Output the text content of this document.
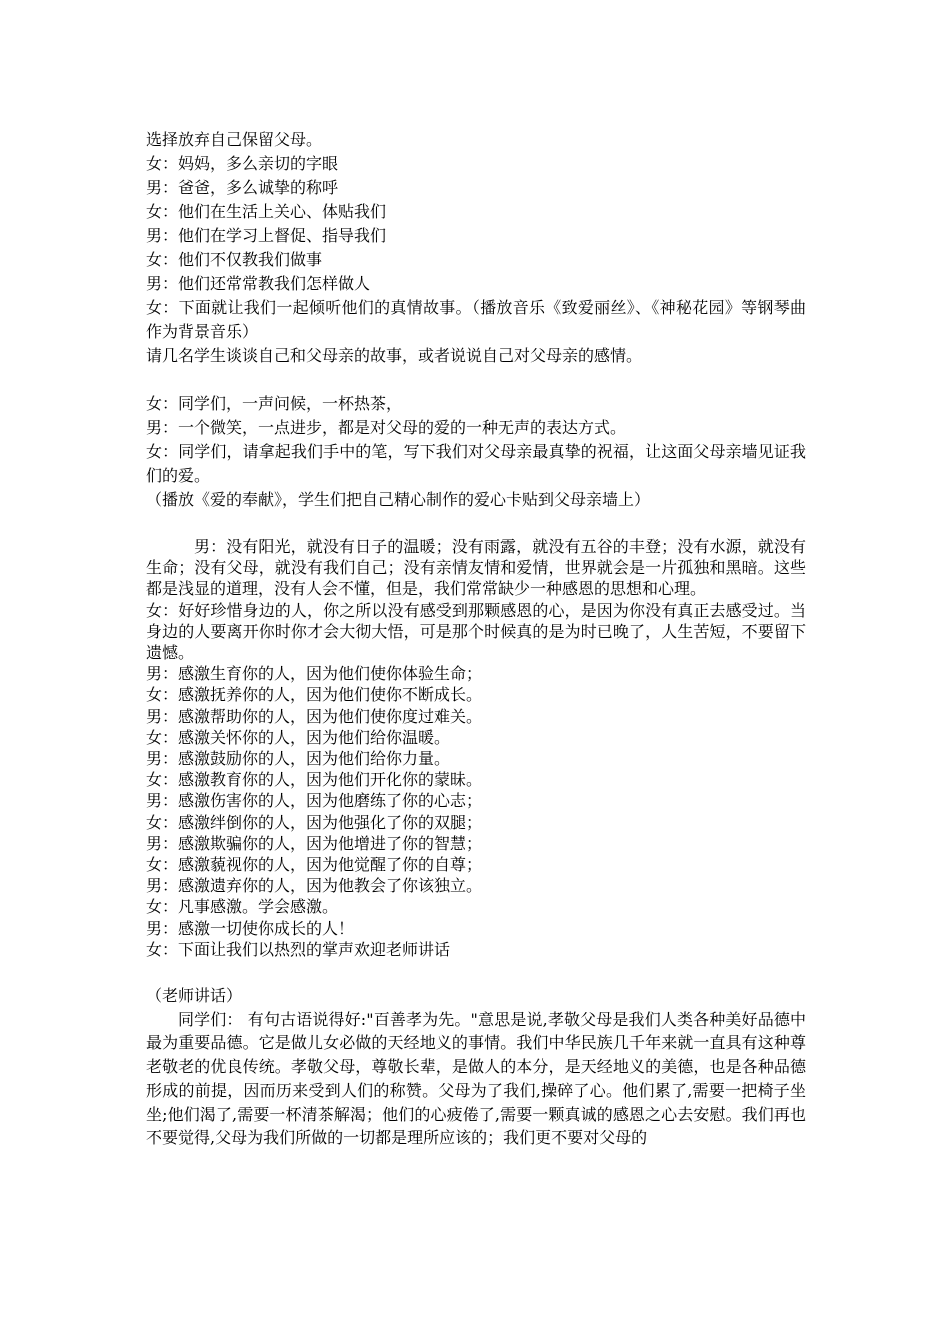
选择放弃自己保留父母。

女：妈妈，多么亲切的字眼

男：爸爸，多么诚挚的称呼

女：他们在生活上关心、体贴我们

男：他们在学习上督促、指导我们

女：他们不仅教我们做事

男：他们还常常教我们怎样做人

女：下面就让我们一起倾听他们的真情故事。（播放音乐《致爱丽丝》、《神秘花园》等钢琴曲作为背景音乐）

请几名学生谈谈自己和父母亲的故事，或者说说自己对父母亲的感情。

女：同学们，一声问候，一杯热茶，

男：一个微笑，一点进步，都是对父母的爱的一种无声的表达方式。

女：同学们，请拿起我们手中的笔，写下我们对父母亲最真挚的祝福，让这面父母亲墙见证我们的爱。

（播放《爱的奉献》，学生们把自己精心制作的爱心卡贴到父母亲墙上）

男：没有阳光，就没有日子的温暖；没有雨露，就没有五谷的丰登；没有水源，就没有生命；没有父母，就没有我们自己；没有亲情友情和爱情，世界就会是一片孤独和黑暗。这些都是浅显的道理，没有人会不懂，但是，我们常常缺少一种感恩的思想和心理。

女：好好珍惜身边的人，你之所以没有感受到那颗感恩的心，是因为你没有真正去感受过。当身边的人要离开你时你才会大彻大悟，可是那个时候真的是为时已晚了，人生苦短，不要留下遗憾。

男：感激生育你的人，因为他们使你体验生命；

女：感激抚养你的人，因为他们使你不断成长。

男：感激帮助你的人，因为他们使你度过难关。

女：感激关怀你的人，因为他们给你温暖。

男：感激鼓励你的人，因为他们给你力量。

女：感激教育你的人，因为他们开化你的蒙昧。

男：感激伤害你的人，因为他磨练了你的心志；

女：感激绊倒你的人，因为他强化了你的双腿；

男：感激欺骗你的人，因为他增进了你的智慧；

女：感激藐视你的人，因为他觉醒了你的自尊；

男：感激遗弃你的人，因为他教会了你该独立。

女：凡事感激。学会感激。

男：感激一切使你成长的人！

女：下面让我们以热烈的掌声欢迎老师讲话

（老师讲话）

同学们： 有句古语说得好:"百善孝为先。"意思是说,孝敬父母是我们人类各种美好品德中最为重要品德。它是做儿女必做的天经地义的事情。我们中华民族几千年来就一直具有这种尊老敬老的优良传统。孝敬父母，尊敬长辈，是做人的本分，是天经地义的美德，也是各种品德形成的前提，因而历来受到人们的称赞。父母为了我们,操碎了心。他们累了,需要一把椅子坐坐;他们渴了,需要一杯清茶解渴；他们的心疲倦了,需要一颗真诚的感恩之心去安慰。我们再也不要觉得,父母为我们所做的一切都是理所应该的；我们更不要对父母的
